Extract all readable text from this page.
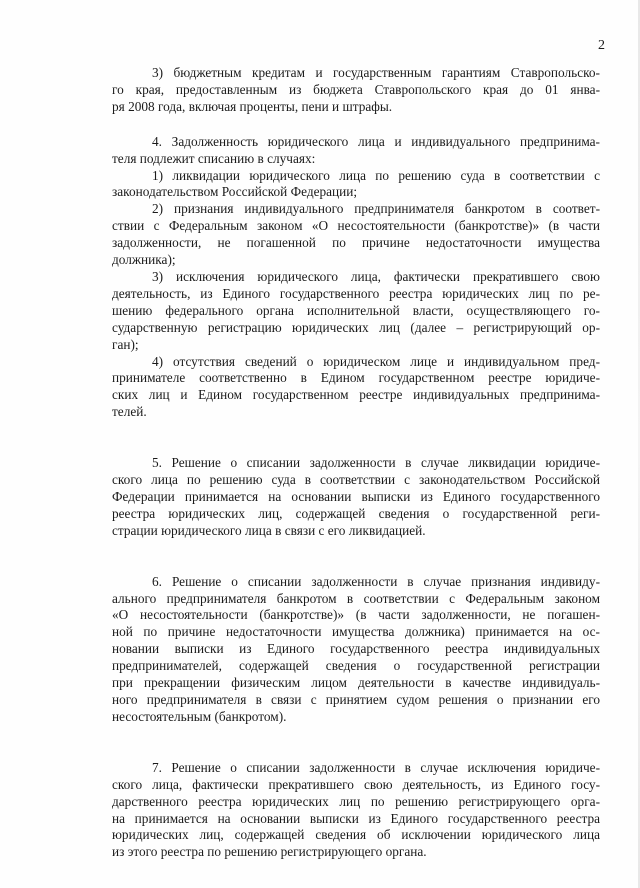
2
3) бюджетным кредитам и государственным гарантиям Ставропольско-
го края, предоставленным из бюджета Ставропольского края до 01 янва-
ря 2008 года, включая проценты, пени и штрафы.
4. Задолженность юридического лица и индивидуального предпринима-
теля подлежит списанию в случаях:
1) ликвидации юридического лица по решению суда в соответствии с
законодательством Российской Федерации;
2) признания индивидуального предпринимателя банкротом в соответ-
ствии с Федеральным законом «О несостоятельности (банкротстве)» (в части
задолженности, не погашенной по причине недостаточности имущества
должника);
3) исключения юридического лица, фактически прекратившего свою
деятельность, из Единого государственного реестра юридических лиц по ре-
шению федерального органа исполнительной власти, осуществляющего го-
сударственную регистрацию юридических лиц (далее – регистрирующий ор-
ган);
4) отсутствия сведений о юридическом лице и индивидуальном пред-
принимателе соответственно в Едином государственном реестре юридиче-
ских лиц и Едином государственном реестре индивидуальных предпринима-
телей.
5. Решение о списании задолженности в случае ликвидации юридиче-
ского лица по решению суда в соответствии с законодательством Российской
Федерации принимается на основании выписки из Единого государственного
реестра юридических лиц, содержащей сведения о государственной реги-
страции юридического лица в связи с его ликвидацией.
6. Решение о списании задолженности в случае признания индивиду-
ального предпринимателя банкротом в соответствии с Федеральным законом
«О несостоятельности (банкротстве)» (в части задолженности, не погашен-
ной по причине недостаточности имущества должника) принимается на ос-
новании выписки из Единого государственного реестра индивидуальных
предпринимателей, содержащей сведения о государственной регистрации
при прекращении физическим лицом деятельности в качестве индивидуаль-
ного предпринимателя в связи с принятием судом решения о признании его
несостоятельным (банкротом).
7. Решение о списании задолженности в случае исключения юридиче-
ского лица, фактически прекратившего свою деятельность, из Единого госу-
дарственного реестра юридических лиц по решению регистрирующего орга-
на принимается на основании выписки из Единого государственного реестра
юридических лиц, содержащей сведения об исключении юридического лица
из этого реестра по решению регистрирующего органа.
